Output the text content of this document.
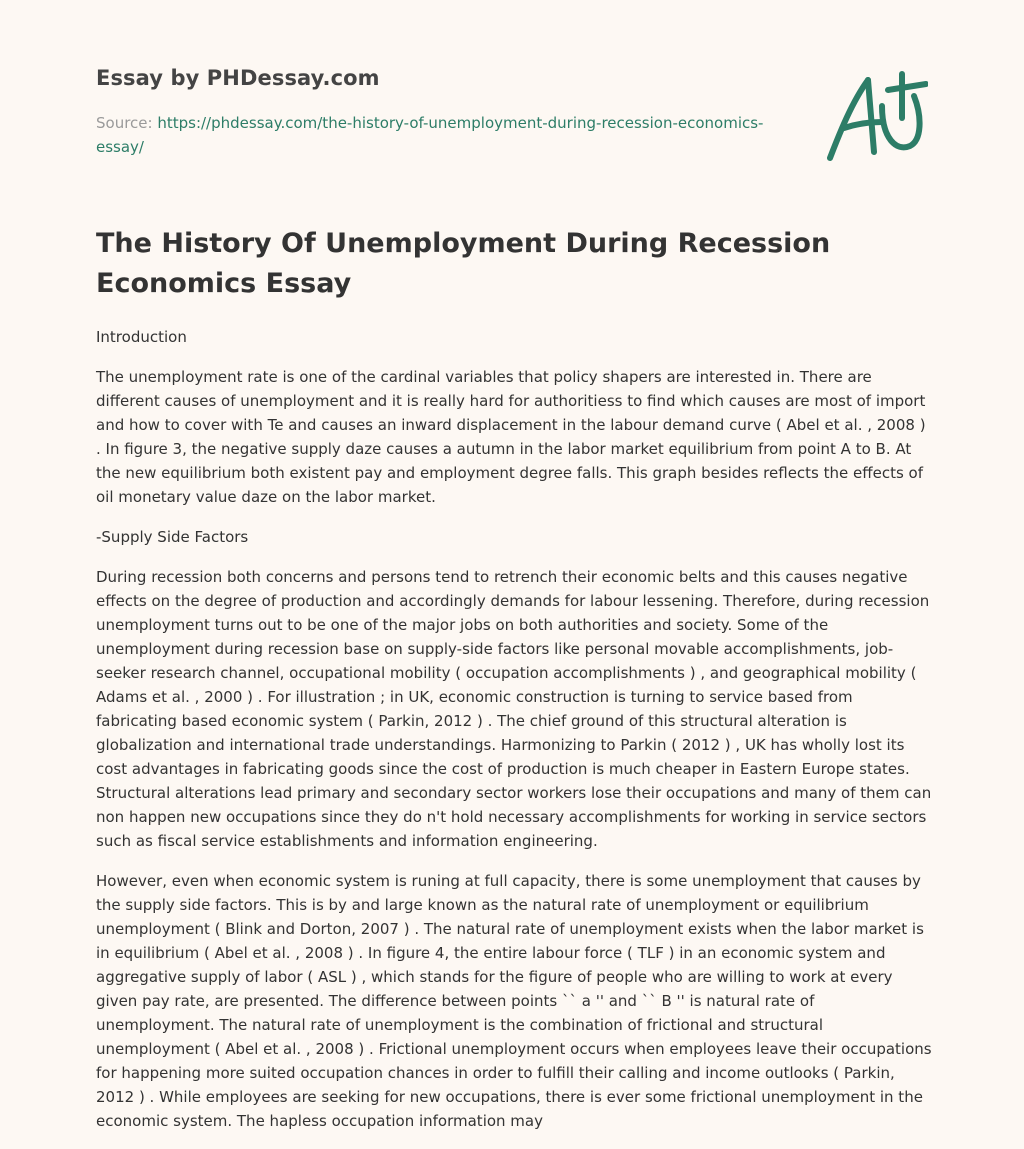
Essay by PHDessay.com
Source: https://phdessay.com/the-history-of-unemployment-during-recession-economics-essay/
The History Of Unemployment During Recession Economics Essay

Introduction

The unemployment rate is one of the cardinal variables that policy shapers are interested in. There are different causes of unemployment and it is really hard for authoritiess to find which causes are most of import and how to cover with Te and causes an inward displacement in the labour demand curve ( Abel et al. , 2008 ) . In figure 3, the negative supply daze causes a autumn in the labor market equilibrium from point A to B. At the new equilibrium both existent pay and employment degree falls. This graph besides reflects the effects of oil monetary value daze on the labor market.

-Supply Side Factors

During recession both concerns and persons tend to retrench their economic belts and this causes negative effects on the degree of production and accordingly demands for labour lessening. Therefore, during recession unemployment turns out to be one of the major jobs on both authorities and society. Some of the unemployment during recession base on supply-side factors like personal movable accomplishments, job-seeker research channel, occupational mobility ( occupation accomplishments ) , and geographical mobility ( Adams et al. , 2000 ) . For illustration ; in UK, economic construction is turning to service based from fabricating based economic system ( Parkin, 2012 ) . The chief ground of this structural alteration is globalization and international trade understandings. Harmonizing to Parkin ( 2012 ) , UK has wholly lost its cost advantages in fabricating goods since the cost of production is much cheaper in Eastern Europe states. Structural alterations lead primary and secondary sector workers lose their occupations and many of them can non happen new occupations since they do n't hold necessary accomplishments for working in service sectors such as fiscal service establishments and information engineering.

However, even when economic system is runing at full capacity, there is some unemployment that causes by the supply side factors. This is by and large known as the natural rate of unemployment or equilibrium unemployment ( Blink and Dorton, 2007 ) . The natural rate of unemployment exists when the labor market is in equilibrium ( Abel et al. , 2008 ) . In figure 4, the entire labour force ( TLF ) in an economic system and aggregative supply of labor ( ASL ) , which stands for the figure of people who are willing to work at every given pay rate, are presented. The difference between points `` a '' and `` B '' is natural rate of unemployment. The natural rate of unemployment is the combination of frictional and structural unemployment ( Abel et al. , 2008 ) . Frictional unemployment occurs when employees leave their occupations for happening more suited occupation chances in order to fulfill their calling and income outlooks ( Parkin, 2012 ) . While employees are seeking for new occupations, there is ever some frictional unemployment in the economic system. The hapless occupation information may
